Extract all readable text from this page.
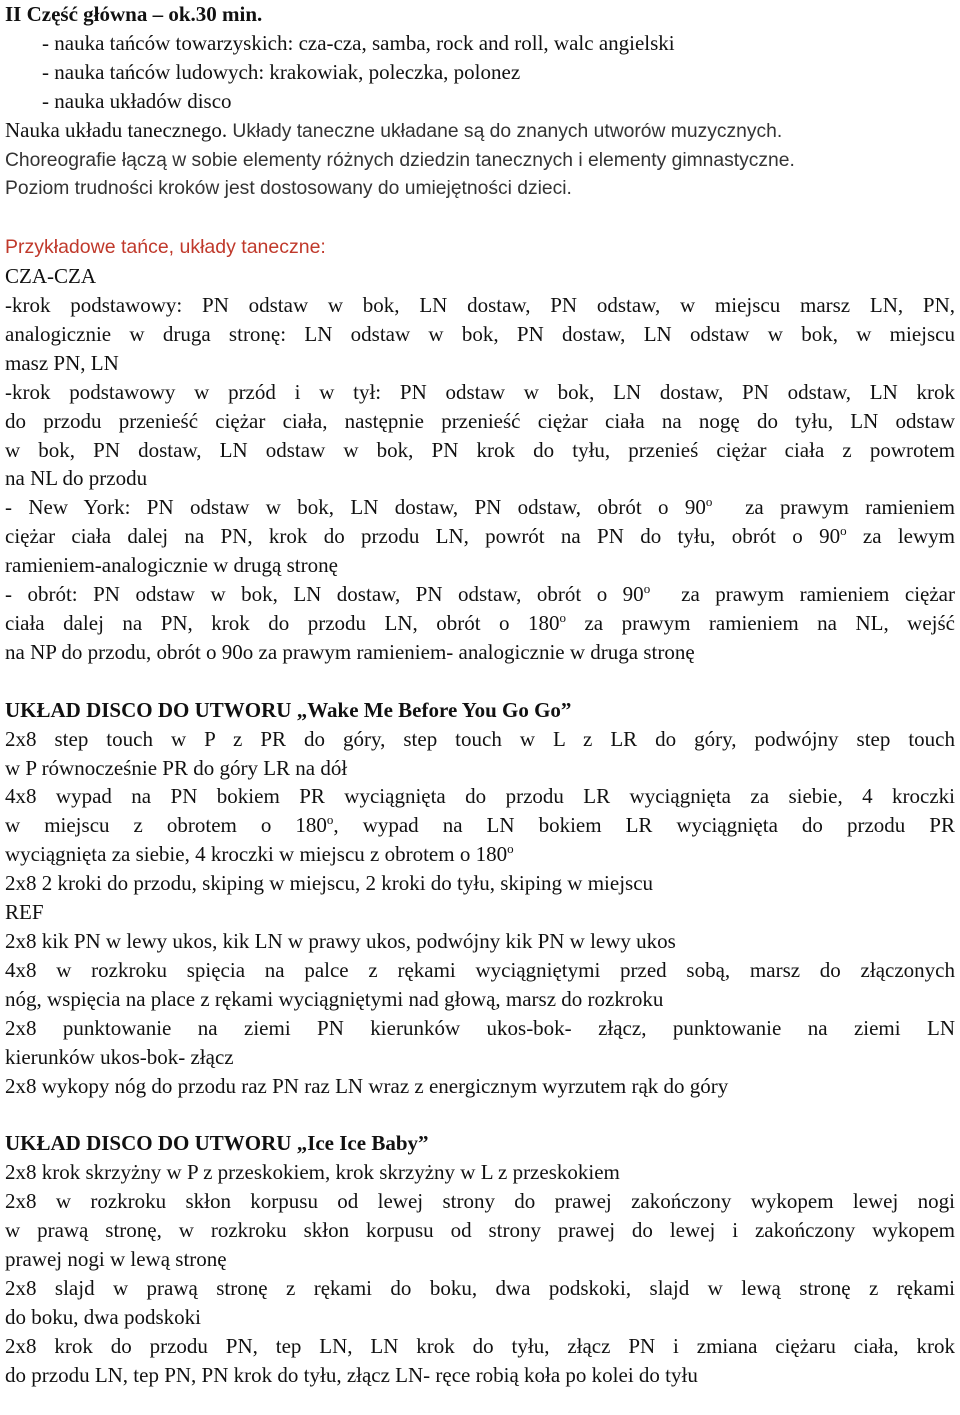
II Część główna – ok.30 min.
- nauka tańców towarzyskich: cza-cza, samba, rock and roll, walc angielski
- nauka tańców ludowych: krakowiak, poleczka, polonez
- nauka układów disco
Nauka układu tanecznego. Układy taneczne układane są do znanych utworów muzycznych.
Choreografie łączą w sobie elementy różnych dziedzin tanecznych i elementy gimnastyczne.
Poziom trudności kroków jest dostosowany do umiejętności dzieci.
Przykładowe tańce, układy taneczne:
CZA-CZA
-krok podstawowy: PN odstaw w bok, LN dostaw, PN odstaw, w miejscu marsz LN, PN,
analogicznie w druga stronę: LN odstaw w bok, PN dostaw, LN odstaw w bok, w miejscu
masz PN, LN
-krok podstawowy w przód i w tył: PN odstaw w bok, LN dostaw, PN odstaw, LN krok
do przodu przenieść ciężar ciała, następnie przenieść ciężar ciała na nogę do tyłu, LN odstaw
w bok, PN dostaw, LN odstaw w bok, PN krok do tyłu, przenieś ciężar ciała z powrotem
na NL do przodu
- New York: PN odstaw w bok, LN dostaw, PN odstaw, obrót o 90$^o$ za prawym ramieniem
ciężar ciała dalej na PN, krok do przodu LN, powrót na PN do tyłu, obrót o 90$^o$ za lewym
ramieniem-analogicznie w drugą stronę
- obrót: PN odstaw w bok, LN dostaw, PN odstaw, obrót o 90$^o$ za prawym ramieniem ciężar
ciała dalej na PN, krok do przodu LN, obrót o 180$^o$ za prawym ramieniem na NL, wejść
na NP do przodu, obrót o 90o za prawym ramieniem- analogicznie w druga stronę
UKŁAD DISCO DO UTWORU „Wake Me Before You Go Go”
2x8 step touch w P z PR do góry, step touch w L z LR do góry, podwójny step touch
w P równocześnie PR do góry LR na dół
4x8 wypad na PN bokiem PR wyciągnięta do przodu LR wyciągnięta za siebie, 4 kroczki
w miejscu z obrotem o 180$^o$, wypad na LN bokiem LR wyciągnięta do przodu PR
wyciągnięta za siebie, 4 kroczki w miejscu z obrotem o 180$^o$
2x8 2 kroki do przodu, skiping w miejscu, 2 kroki do tyłu, skiping w miejscu
REF
2x8 kik PN w lewy ukos, kik LN w prawy ukos, podwójny kik PN w lewy ukos
4x8 w rozkroku spięcia na palce z rękami wyciągniętymi przed sobą, marsz do złączonych
nóg, wspięcia na place z rękami wyciągniętymi nad głową, marsz do rozkroku
2x8 punktowanie na ziemi PN kierunków ukos-bok- złącz, punktowanie na ziemi LN
kierunków ukos-bok- złącz
2x8 wykopy nóg do przodu raz PN raz LN wraz z energicznym wyrzutem rąk do góry
UKŁAD DISCO DO UTWORU „Ice Ice Baby”
2x8 krok skrzyżny w P z przeskokiem, krok skrzyżny w L z przeskokiem
2x8 w rozkroku skłon korpusu od lewej strony do prawej zakończony wykopem lewej nogi
w prawą stronę, w rozkroku skłon korpusu od strony prawej do lewej i zakończony wykopem
prawej nogi w lewą stronę
2x8 slajd w prawą stronę z rękami do boku, dwa podskoki, slajd w lewą stronę z rękami
do boku, dwa podskoki
2x8 krok do przodu PN, tep LN, LN krok do tyłu, złącz PN i zmiana ciężaru ciała, krok
do przodu LN, tep PN, PN krok do tyłu, złącz LN- ręce robią koła po kolei do tyłu
